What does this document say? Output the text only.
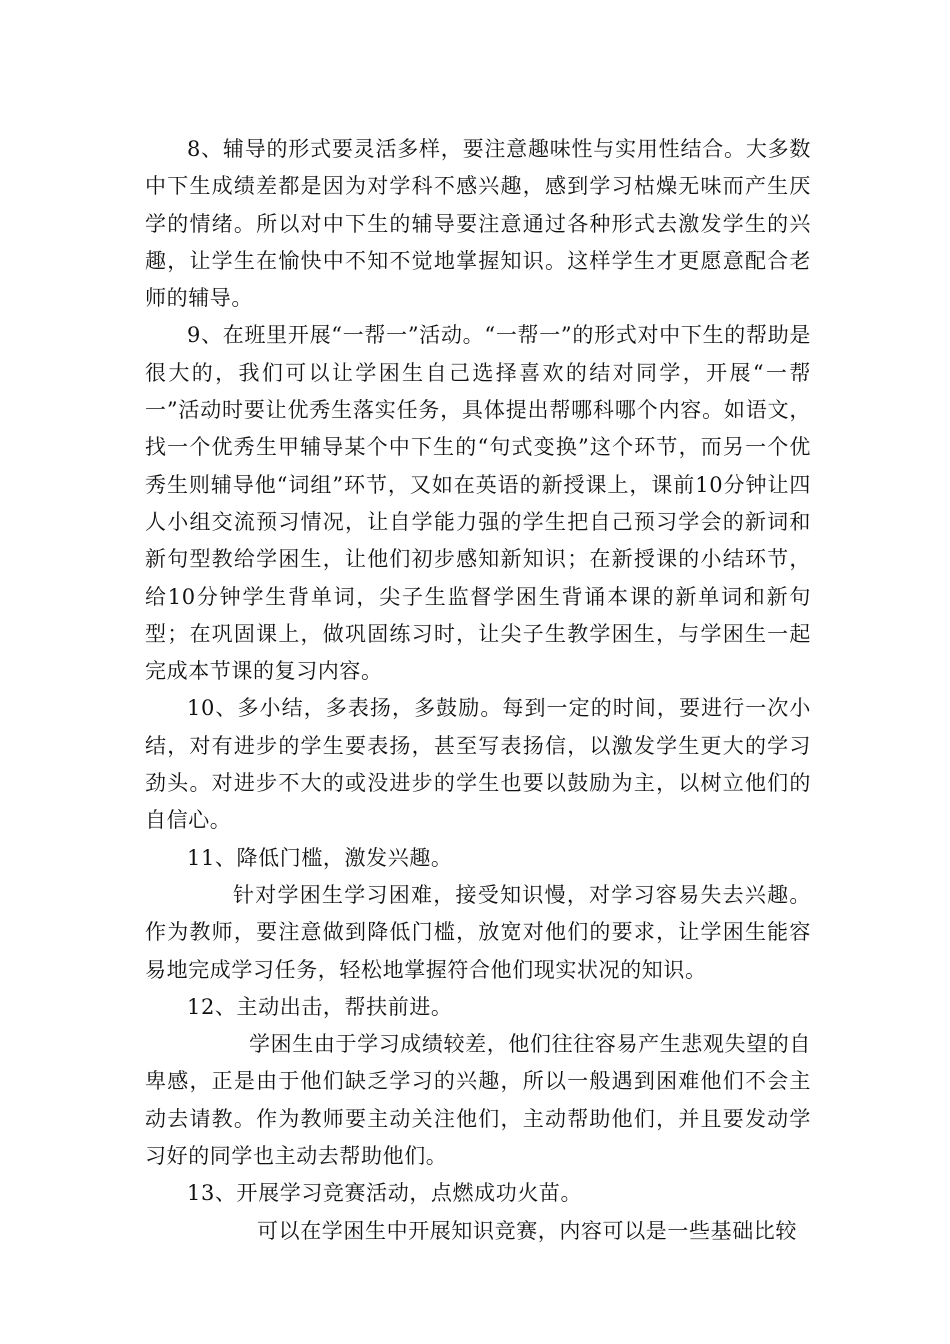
8、辅导的形式要灵活多样，要注意趣味性与实用性结合。大多数中下生成绩差都是因为对学科不感兴趣，感到学习枯燥无味而产生厌学的情绪。所以对中下生的辅导要注意通过各种形式去激发学生的兴趣，让学生在愉快中不知不觉地掌握知识。这样学生才更愿意配合老师的辅导。

9、在班里开展“一帮一”活动。“一帮一”的形式对中下生的帮助是很大的，我们可以让学困生自己选择喜欢的结对同学，开展“一帮一”活动时要让优秀生落实任务，具体提出帮哪科哪个内容。如语文，找一个优秀生甲辅导某个中下生的“句式变换”这个环节，而另一个优秀生则辅导他“词组”环节，又如在英语的新授课上，课前10分钟让四人小组交流预习情况，让自学能力强的学生把自己预习学会的新词和新句型教给学困生，让他们初步感知新知识；在新授课的小结环节，给10分钟学生背单词，尖子生监督学困生背诵本课的新单词和新句型；在巩固课上，做巩固练习时，让尖子生教学困生，与学困生一起完成本节课的复习内容。

10、多小结，多表扬，多鼓励。每到一定的时间，要进行一次小结，对有进步的学生要表扬，甚至写表扬信，以激发学生更大的学习劲头。对进步不大的或没进步的学生也要以鼓励为主，以树立他们的自信心。

11、降低门槛，激发兴趣。

针对学困生学习困难，接受知识慢，对学习容易失去兴趣。作为教师，要注意做到降低门槛，放宽对他们的要求，让学困生能容易地完成学习任务，轻松地掌握符合他们现实状况的知识。

12、主动出击，帮扶前进。

学困生由于学习成绩较差，他们往往容易产生悲观失望的自卑感，正是由于他们缺乏学习的兴趣，所以一般遇到困难他们不会主动去请教。作为教师要主动关注他们，主动帮助他们，并且要发动学习好的同学也主动去帮助他们。

13、开展学习竞赛活动，点燃成功火苗。

可以在学困生中开展知识竞赛，内容可以是一些基础比较
